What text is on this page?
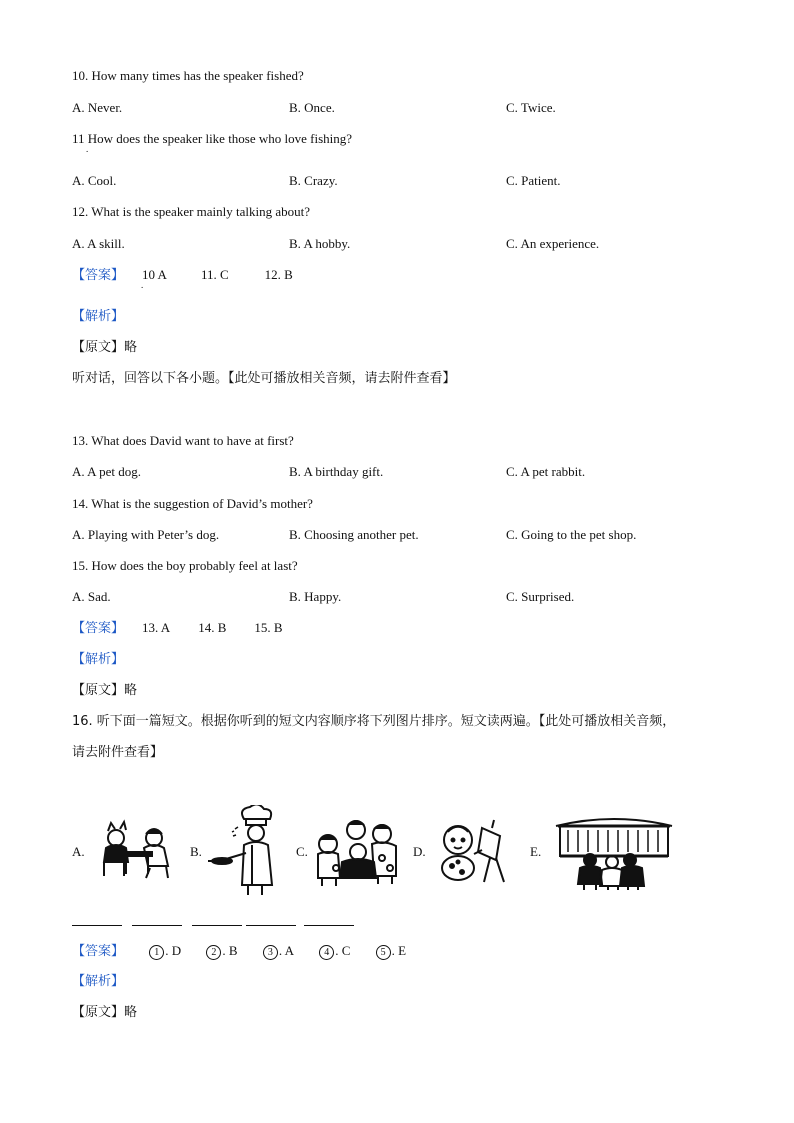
10. How many times has the speaker fished?
A. Never.	B. Once.	C. Twice.
11 How does the speaker like those who love fishing?
.
A. Cool.	B. Crazy.	C. Patient.
12. What is the speaker mainly talking about?
A. A skill.	B. A hobby.	C. An experience.
【答案】 10 A	11. C	12. B
.
【解析】
【原文】略
听对话，回答以下各小题。【此处可播放相关音频，请去附件查看】
13. What does David want to have at first?
A. A pet dog.	B. A birthday gift.	C. A pet rabbit.
14. What is the suggestion of David’s mother?
A. Playing with Peter’s dog.	B. Choosing another pet.	C. Going to the pet shop.
15. How does the boy probably feel at last?
A. Sad.	B. Happy.	C. Surprised.
【答案】 13. A 14. B 15. B
【解析】
【原文】略
16. 听下面一篇短文。根据你听到的短文内容顺序将下列图片排序。短文读两遍。【此处可播放相关音频，
请去附件查看】
A.	B.	C.	D.	E.
【答案】	1 . D	2 . B	3 . A	4 . C	5 . E
【解析】
【原文】略
